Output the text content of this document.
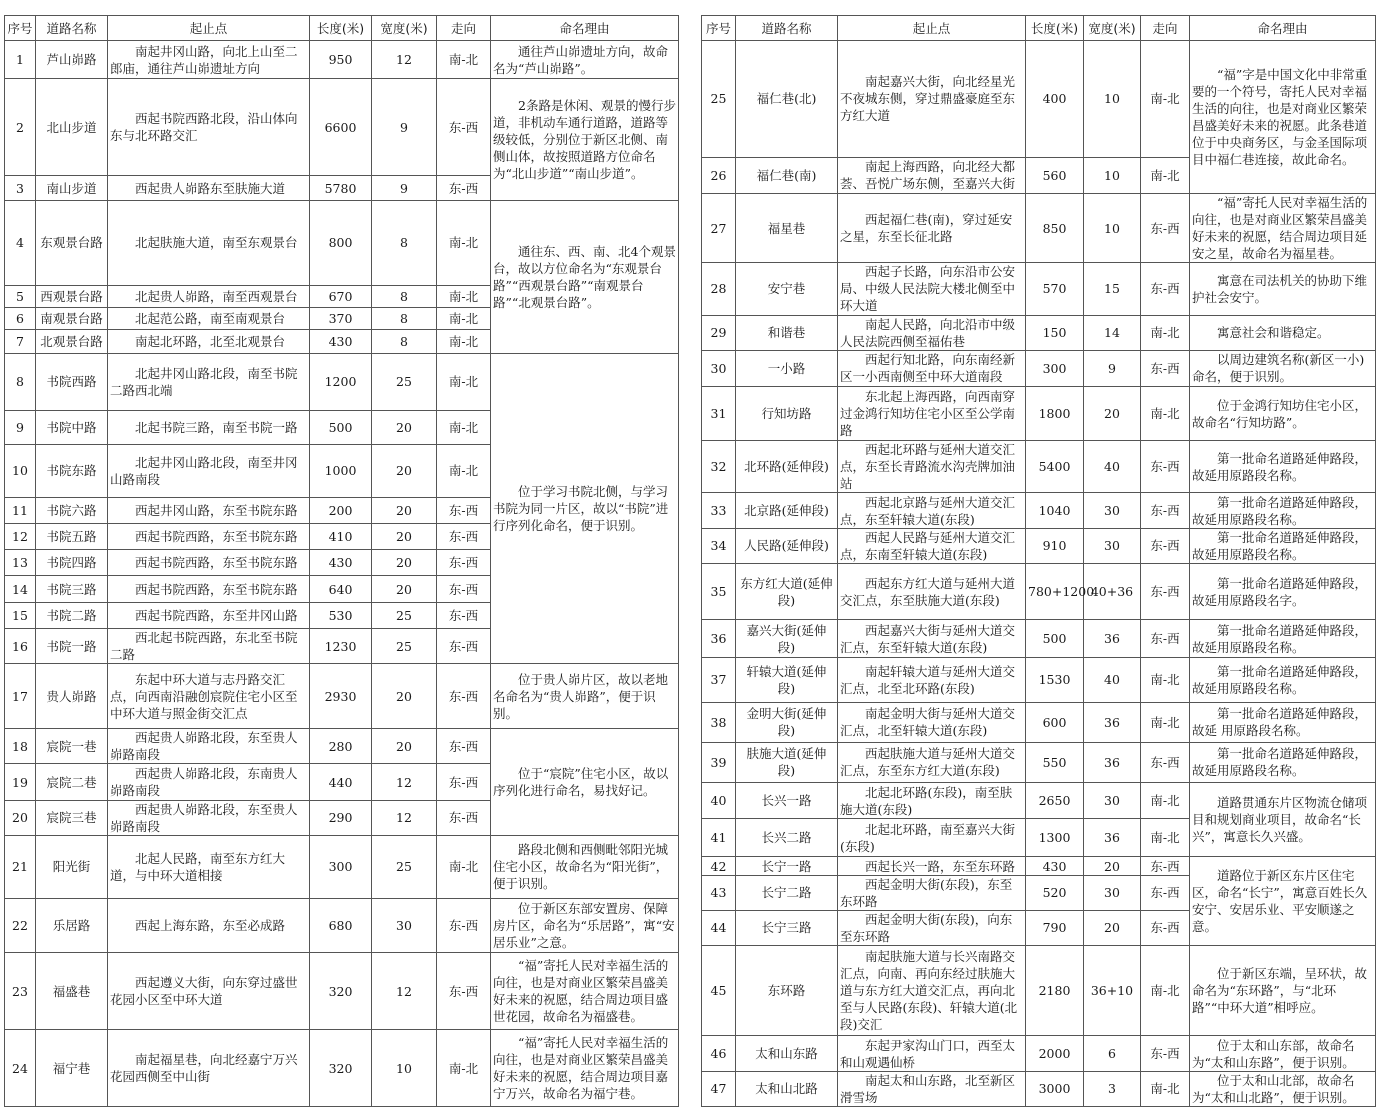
序号	道路名称	起止点	长度(米)	宽度(米)	走向	命名理由
1	芦山峁路	南起井冈山路，向北上山至二郎庙，通往芦山峁遗址方向	950	12	南-北	通往芦山峁遗址方向，故命名为“芦山峁路”。
2	北山步道	西起书院西路北段，沿山体向东与北环路交汇	6600	9	东-西	2条路是休闲、观景的慢行步道，非机动车通行道路，道路等级较低，分别位于新区北侧、南侧山体，故按照道路方位命名为“北山步道”“南山步道”。
3	南山步道	西起贵人峁路东至肤施大道	5780	9	东-西	
4	东观景台路	北起肤施大道，南至东观景台	800	8	南-北	通往东、西、南、北4个观景台，故以方位命名为“东观景台路”“西观景台路”“南观景台路”“北观景台路”。
5	西观景台路	北起贵人峁路，南至西观景台	670	8	南-北	
6	南观景台路	北起范公路，南至南观景台	370	8	南-北	
7	北观景台路	南起北环路，北至北观景台	430	8	南-北	
8	书院西路	北起井冈山路北段，南至书院二路西北端	1200	25	南-北	位于学习书院北侧，与学习书院为同一片区，故以“书院”进行序列化命名，便于识别。
9	书院中路	北起书院三路，南至书院一路	500	20	南-北	
10	书院东路	北起井冈山路北段，南至井冈山路南段	1000	20	南-北	
11	书院六路	西起井冈山路，东至书院东路	200	20	东-西	
12	书院五路	西起书院西路，东至书院东路	410	20	东-西	
13	书院四路	西起书院西路，东至书院东路	430	20	东-西	
14	书院三路	西起书院西路，东至书院东路	640	20	东-西	
15	书院二路	西起书院西路，东至井冈山路	530	25	东-西	
16	书院一路	西北起书院西路，东北至书院二路	1230	25	东-西	
17	贵人峁路	东起中环大道与志丹路交汇点，向西南沿融创宸院住宅小区至中环大道与照金街交汇点	2930	20	东-西	位于贵人峁片区，故以老地名命名为“贵人峁路”，便于识别。
18	宸院一巷	西起贵人峁路北段，东至贵人峁路南段	280	20	东-西	位于“宸院”住宅小区，故以序列化进行命名，易找好记。
19	宸院二巷	西起贵人峁路北段，东南贵人峁路南段	440	12	东-西	
20	宸院三巷	西起贵人峁路北段，东至贵人峁路南段	290	12	东-西	
21	阳光街	北起人民路，南至东方红大道，与中环大道相接	300	25	南-北	路段北侧和西侧毗邻阳光城住宅小区，故命名为“阳光街”，便于识别。
22	乐居路	西起上海东路，东至必成路	680	30	东-西	位于新区东部安置房、保障房片区，命名为“乐居路”，寓“安居乐业”之意。
23	福盛巷	西起遵义大街，向东穿过盛世花园小区至中环大道	320	12	东-西	“福”寄托人民对幸福生活的向往，也是对商业区繁荣昌盛美好未来的祝愿，结合周边项目盛世花园，故命名为福盛巷。
24	福宁巷	南起福星巷，向北经嘉宁万兴花园西侧至中山街	320	10	南-北	“福”寄托人民对幸福生活的向往，也是对商业区繁荣昌盛美好未来的祝愿，结合周边项目嘉宁万兴，故命名为福宁巷。
序号	道路名称	起止点	长度(米)	宽度(米)	走向	命名理由
25	福仁巷(北)	南起嘉兴大街，向北经星光不夜城东侧，穿过鼎盛豪庭至东方红大道	400	10	南-北	“福”字是中国文化中非常重要的一个符号，寄托人民对幸福生活的向往，也是对商业区繁荣昌盛美好未来的祝愿。此条巷道位于中央商务区，与金圣国际项目中福仁巷连接，故此命名。
26	福仁巷(南)	南起上海西路，向北经大都荟、吾悦广场东侧，至嘉兴大街	560	10	南-北	
27	福星巷	西起福仁巷(南)，穿过延安之星，东至长征北路	850	10	东-西	“福”寄托人民对幸福生活的向往，也是对商业区繁荣昌盛美好未来的祝愿，结合周边项目延安之星，故命名为福星巷。
28	安宁巷	西起子长路，向东沿市公安局、中级人民法院大楼北侧至中环大道	570	15	东-西	寓意在司法机关的协助下维护社会安宁。
29	和谐巷	南起人民路，向北沿市中级人民法院西侧至福佑巷	150	14	南-北	寓意社会和谐稳定。
30	一小路	西起行知北路，向东南经新区一小西南侧至中环大道南段	300	9	东-西	以周边建筑名称(新区一小)命名，便于识别。
31	行知坊路	东北起上海西路，向西南穿过金鸿行知坊住宅小区至公学南路	1800	20	南-北	位于金鸿行知坊住宅小区，故命名“行知坊路”。
32	北环路(延伸段)	西起北环路与延州大道交汇点，东至长青路流水沟壳牌加油站	5400	40	东-西	第一批命名道路延伸路段，故延用原路段名称。
33	北京路(延伸段)	西起北京路与延州大道交汇点，东至轩辕大道(东段)	1040	30	东-西	第一批命名道路延伸路段，故延用原路段名称。
34	人民路(延伸段)	西起人民路与延州大道交汇点，东南至轩辕大道(东段)	910	30	东-西	第一批命名道路延伸路段，故延用原路段名称。
35	东方红大道(延伸段)	西起东方红大道与延州大道交汇点，东至肤施大道(东段)	780+1200	40+36	东-西	第一批命名道路延伸路段，故延用原路段名字。
36	嘉兴大街(延伸段)	西起嘉兴大街与延州大道交汇点，东至轩辕大道(东段)	500	36	东-西	第一批命名道路延伸路段，故延用原路段名称。
37	轩辕大道(延伸段)	南起轩辕大道与延州大道交汇点，北至北环路(东段)	1530	40	南-北	第一批命名道路延伸路段，故延用原路段名称。
38	金明大街(延伸段)	南起金明大街与延州大道交汇点，北至轩辕大道(东段)	600	36	南-北	第一批命名道路延伸路段，故延 用原路段名称。
39	肤施大道(延伸段)	西起肤施大道与延州大道交汇点，东至东方红大道(东段)	550	36	东-西	第一批命名道路延伸路段，故延用原路段名称。
40	长兴一路	北起北环路(东段)，南至肤施大道(东段)	2650	30	南-北	道路贯通东片区物流仓储项目和规划商业项目，故命名“长兴”，寓意长久兴盛。
41	长兴二路	北起北环路，南至嘉兴大街(东段)	1300	36	南-北	
42	长宁一路	西起长兴一路，东至东环路	430	20	东-西	道路位于新区东片区住宅区，命名“长宁”，寓意百姓长久安宁、安居乐业、平安顺遂之意。
43	长宁二路	西起金明大街(东段)，东至东环路	520	30	东-西	
44	长宁三路	西起金明大街(东段)，向东至东环路	790	20	东-西	
45	东环路	南起肤施大道与长兴南路交汇点，向南、再向东经过肤施大道与东方红大道交汇点，再向北至与人民路(东段)、轩辕大道(北段)交汇	2180	36+10	南-北	位于新区东端，呈环状，故命名为“东环路”，与“北环路”“中环大道”相呼应。
46	太和山东路	东起尹家沟山门口，西至太和山观遇仙桥	2000	6	东-西	位于太和山东部，故命名为“太和山东路”，便于识别。
47	太和山北路	南起太和山东路，北至新区滑雪场	3000	3	南-北	位于太和山北部，故命名为“太和山北路”，便于识别。
